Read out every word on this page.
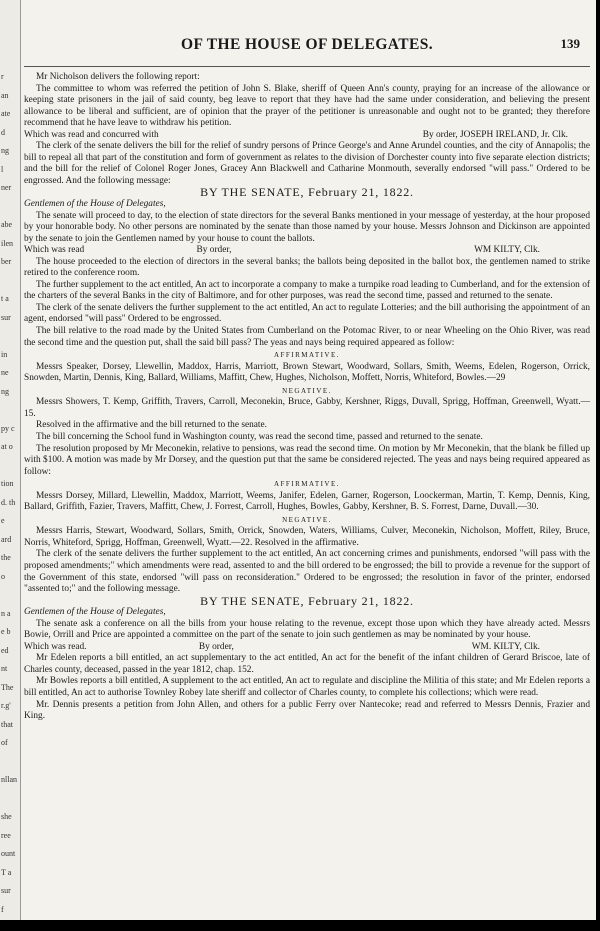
r
an
ate
d
ng
l
ner
abe
ilen
ber
t a
sur
in
ne
ng
py c
at o
tion
d. th
e
ard
the
o
n a
e b
ed
nt
The
r.g'
that
of
nllan
she
ree
ount
T a
sur
f
OF THE HOUSE OF DELEGATES.	139

Mr Nicholson delivers the following report:

The committee to whom was referred the petition of John S. Blake, sheriff of Queen Ann's county, praying for an increase of the allowance or keeping state prisoners in the jail of said county, beg leave to report that they have had the same under consideration, and believing the present allowance to be liberal and sufficient, are of opinion that the prayer of the petitioner is unreasonable and ought not to be granted; they therefore recommend that he have leave to withdraw his petition.

Which was read and concurred with	By order, JOSEPH IRELAND, Jr. Clk.

The clerk of the senate delivers the bill for the relief of sundry persons of Prince George's and Anne Arundel counties, and the city of Annapolis; the bill to repeal all that part of the constitution and form of government as relates to the division of Dorchester county into five separate election districts; and the bill for the relief of Colonel Roger Jones, Gracey Ann Blackwell and Catharine Monmouth, severally endorsed "will pass." Ordered to be engrossed. And the following message:

BY THE SENATE, February 21, 1822.

Gentlemen of the House of Delegates,

The senate will proceed to day, to the election of state directors for the several Banks mentioned in your message of yesterday, at the hour proposed by your honorable body. No other persons are nominated by the senate than those named by your house. Messrs Johnson and Dickinson are appointed by the senate to join the Gentlemen named by your house to count the ballots.

Which was read	By order,	WM KILTY, Clk.

The house proceeded to the election of directors in the several banks; the ballots being deposited in the ballot box, the gentlemen named to strike retired to the conference room.

The further supplement to the act entitled, An act to incorporate a company to make a turnpike road leading to Cumberland, and for the extension of the charters of the several Banks in the city of Baltimore, and for other purposes, was read the second time, passed and returned to the senate.

The clerk of the senate delivers the further supplement to the act entitled, An act to regulate Lotteries; and the bill authorising the appointment of an agent, endorsed "will pass" Ordered to be engrossed.

The bill relative to the road made by the United States from Cumberland on the Potomac River, to or near Wheeling on the Ohio River, was read the second time and the question put, shall the said bill pass? The yeas and nays being required appeared as follow:

AFFIRMATIVE.

Messrs Speaker, Dorsey, Llewellin, Maddox, Harris, Marriott, Brown Stewart, Woodward, Sollars, Smith, Weems, Edelen, Rogerson, Orrick, Snowden, Martin, Dennis, King, Ballard, Williams, Maffitt, Chew, Hughes, Nicholson, Moffett, Norris, Whiteford, Bowles.—29

NEGATIVE.

Messrs Showers, T. Kemp, Griffith, Travers, Carroll, Meconekin, Bruce, Gabby, Kershner, Riggs, Duvall, Sprigg, Hoffman, Greenwell, Wyatt.—15.

Resolved in the affirmative and the bill returned to the senate.

The bill concerning the School fund in Washington county, was read the second time, passed and returned to the senate.

The resolution proposed by Mr Meconekin, relative to pensions, was read the second time. On motion by Mr Meconekin, that the blank be filled up with $100. A motion was made by Mr Dorsey, and the question put that the same be considered rejected. The yeas and nays being required appeared as follow:

AFFIRMATIVE.

Messrs Dorsey, Millard, Llewellin, Maddox, Marriott, Weems, Janifer, Edelen, Garner, Rogerson, Loockerman, Martin, T. Kemp, Dennis, King, Ballard, Griffith, Fazier, Travers, Maffitt, Chew, J. Forrest, Carroll, Hughes, Bowles, Gabby, Kershner, B. S. Forrest, Darne, Duvall.—30.

NEGATIVE.

Messrs Harris, Stewart, Woodward, Sollars, Smith, Orrick, Snowden, Waters, Williams, Culver, Meconekin, Nicholson, Moffett, Riley, Bruce, Norris, Whiteford, Sprigg, Hoffman, Greenwell, Wyatt.—22. Resolved in the affirmative.

The clerk of the senate delivers the further supplement to the act entitled, An act concerning crimes and punishments, endorsed "will pass with the proposed amendments;" which amendments were read, assented to and the bill ordered to be engrossed; the bill to provide a revenue for the support of the Government of this state, endorsed "will pass on reconsideration." Ordered to be engrossed; the resolution in favor of the printer, endorsed "assented to;" and the following message.

BY THE SENATE, February 21, 1822.

Gentlemen of the House of Delegates,

The senate ask a conference on all the bills from your house relating to the revenue, except those upon which they have already acted. Messrs Bowie, Orrill and Price are appointed a committee on the part of the senate to join such gentlemen as may be nominated by your house.

Which was read.	By order,	WM. KILTY, Clk.

Mr Edelen reports a bill entitled, an act supplementary to the act entitled, An act for the benefit of the infant children of Gerard Briscoe, late of Charles county, deceased, passed in the year 1812, chap. 152.

Mr Bowles reports a bill entitled, A supplement to the act entitled, An act to regulate and discipline the Militia of this state; and Mr Edelen reports a bill entitled, An act to authorise Townley Robey late sheriff and collector of Charles county, to complete his collections; which were read.

Mr. Dennis presents a petition from John Allen, and others for a public Ferry over Nantecoke; read and referred to Messrs Dennis, Frazier and King.
